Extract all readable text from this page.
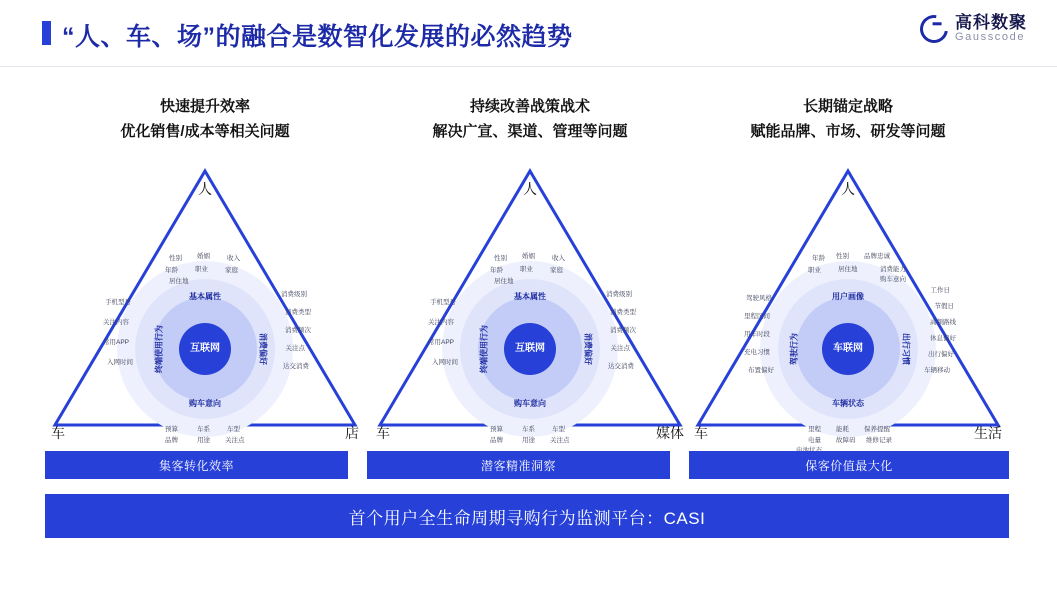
“人、车、场”的融合是数智化发展的必然趋势
高科数聚
Gausscode
快速提升效率
优化销售/成本等相关问题
人
车	店
互联网
基本属性
购车意向
终端使用行为	消费偏好
性别 婚姻	收入
年龄	职业	家庭
居住地
预算	车系	车型
品牌	用途 关注点
手机型号
关注内容
常用APP
入网时间
消费级别
消费类型
消费频次
关注点
达交消费
持续改善战策战术
解决广宣、渠道、管理等问题
人
车	媒体
互联网
基本属性
购车意向
终端使用行为	消费偏好
性别 婚姻	收入
年龄	职业	家庭
居住地
预算	车系	车型
品牌	用途 关注点
手机型号
关注内容
常用APP
入网时间
消费级别
消费类型
消费频次
关注点
达交消费
长期锚定战略
赋能品牌、市场、研发等问题
人
车	生活
车联网
用户画像
车辆状态
驾驶行为	出行习惯
年龄 性别 品牌忠诚
职业	居住地	消费能力
购车意向
里程 能耗 保养提醒
电量 故障码 维修记录
驾驶风格
里程区间
用车时段
充电习惯
布置偏好
工作日
节假日
高频路线
休息偏好
出行偏好
车辆移动
集客转化效率	潜客精准洞察	保客价值最大化
首个用户全生命周期寻购行为监测平台：CASI
